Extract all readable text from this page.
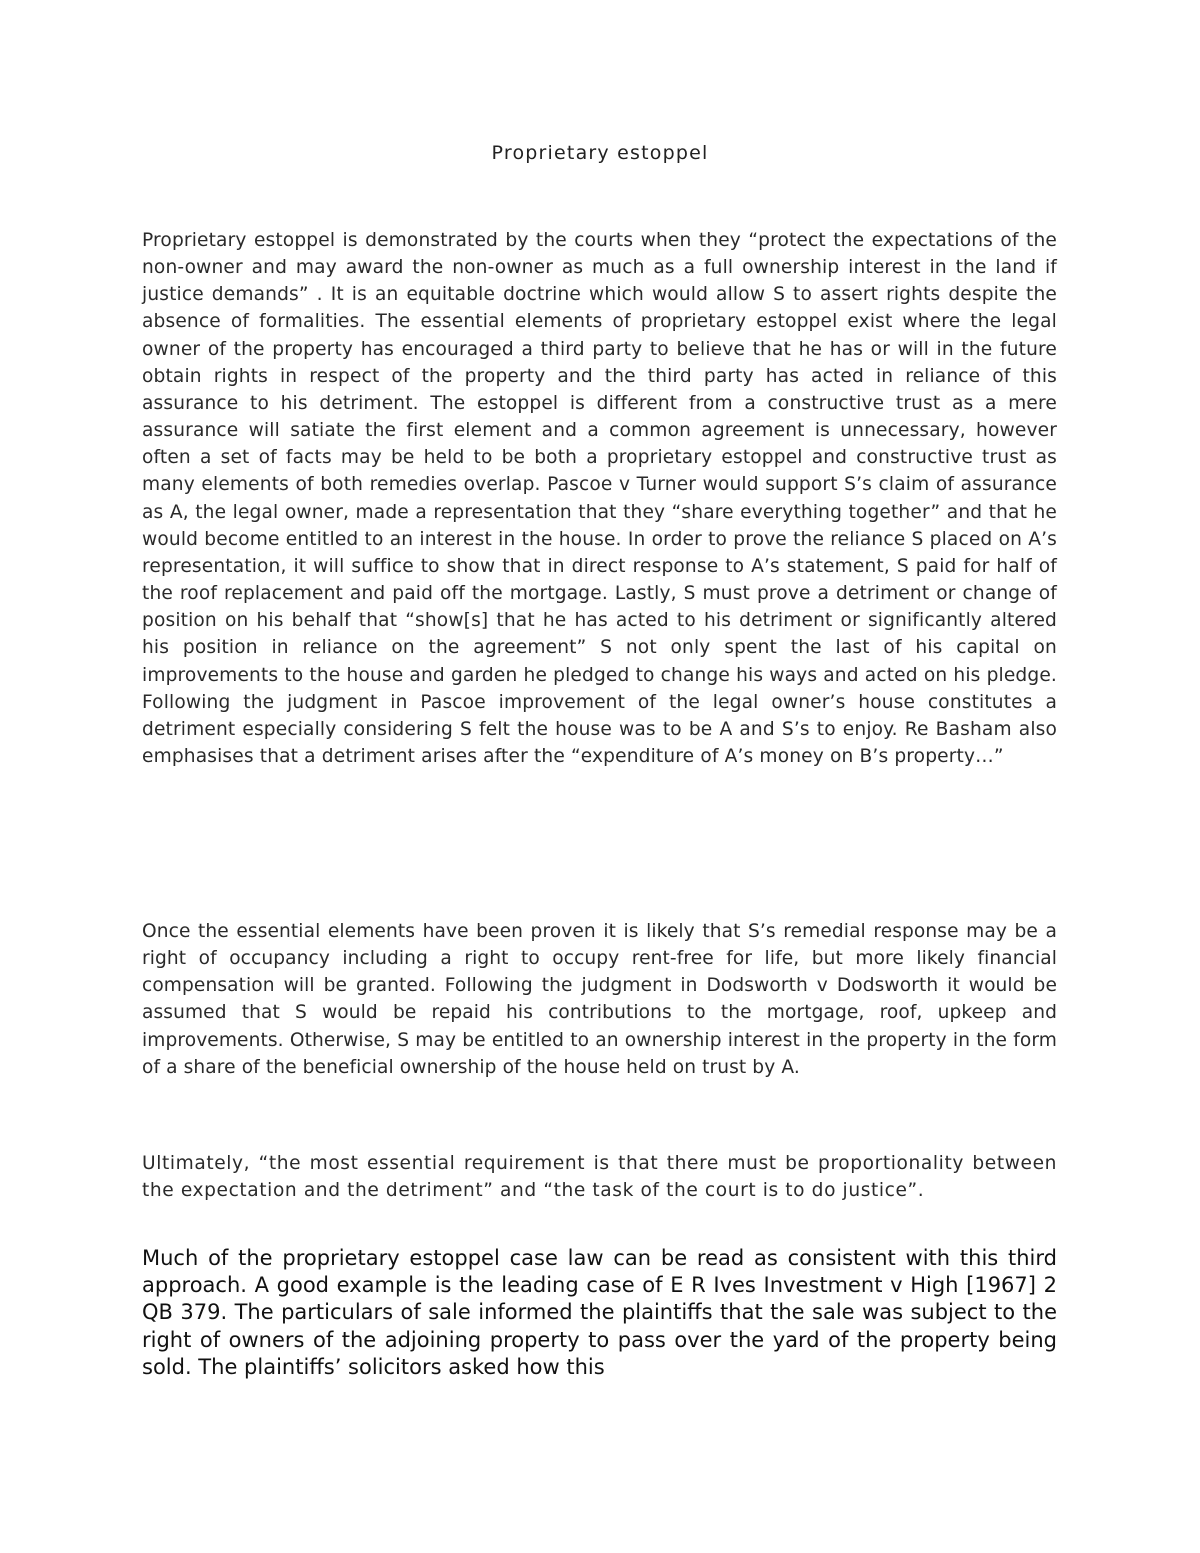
Proprietary estoppel

Proprietary estoppel is demonstrated by the courts when they “protect the expectations of the non-owner and may award the non-owner as much as a full ownership interest in the land if justice demands” . It is an equitable doctrine which would allow S to assert rights despite the absence of formalities. The essential elements of proprietary estoppel exist where the legal owner of the property has encouraged a third party to believe that he has or will in the future obtain rights in respect of the property and the third party has acted in reliance of this assurance to his detriment. The estoppel is different from a constructive trust as a mere assurance will satiate the first element and a common agreement is unnecessary, however often a set of facts may be held to be both a proprietary estoppel and constructive trust as many elements of both remedies overlap. Pascoe v Turner would support S’s claim of assurance as A, the legal owner, made a representation that they “share everything together” and that he would become entitled to an interest in the house. In order to prove the reliance S placed on A’s representation, it will suffice to show that in direct response to A’s statement, S paid for half of the roof replacement and paid off the mortgage. Lastly, S must prove a detriment or change of position on his behalf that “show[s] that he has acted to his detriment or significantly altered his position in reliance on the agreement” S not only spent the last of his capital on improvements to the house and garden he pledged to change his ways and acted on his pledge. Following the judgment in Pascoe improvement of the legal owner’s house constitutes a detriment especially considering S felt the house was to be A and S’s to enjoy. Re Basham also emphasises that a detriment arises after the “expenditure of A’s money on B’s property…”

Once the essential elements have been proven it is likely that S’s remedial response may be a right of occupancy including a right to occupy rent-free for life, but more likely financial compensation will be granted. Following the judgment in Dodsworth v Dodsworth it would be assumed that S would be repaid his contributions to the mortgage, roof, upkeep and improvements. Otherwise, S may be entitled to an ownership interest in the property in the form of a share of the beneficial ownership of the house held on trust by A.

Ultimately, “the most essential requirement is that there must be proportionality between the expectation and the detriment” and “the task of the court is to do justice”.

Much of the proprietary estoppel case law can be read as consistent with this third approach. A good example is the leading case of E R Ives Investment v High [1967] 2 QB 379. The particulars of sale informed the plaintiffs that the sale was subject to the right of owners of the adjoining property to pass over the yard of the property being sold. The plaintiffs’ solicitors asked how this
